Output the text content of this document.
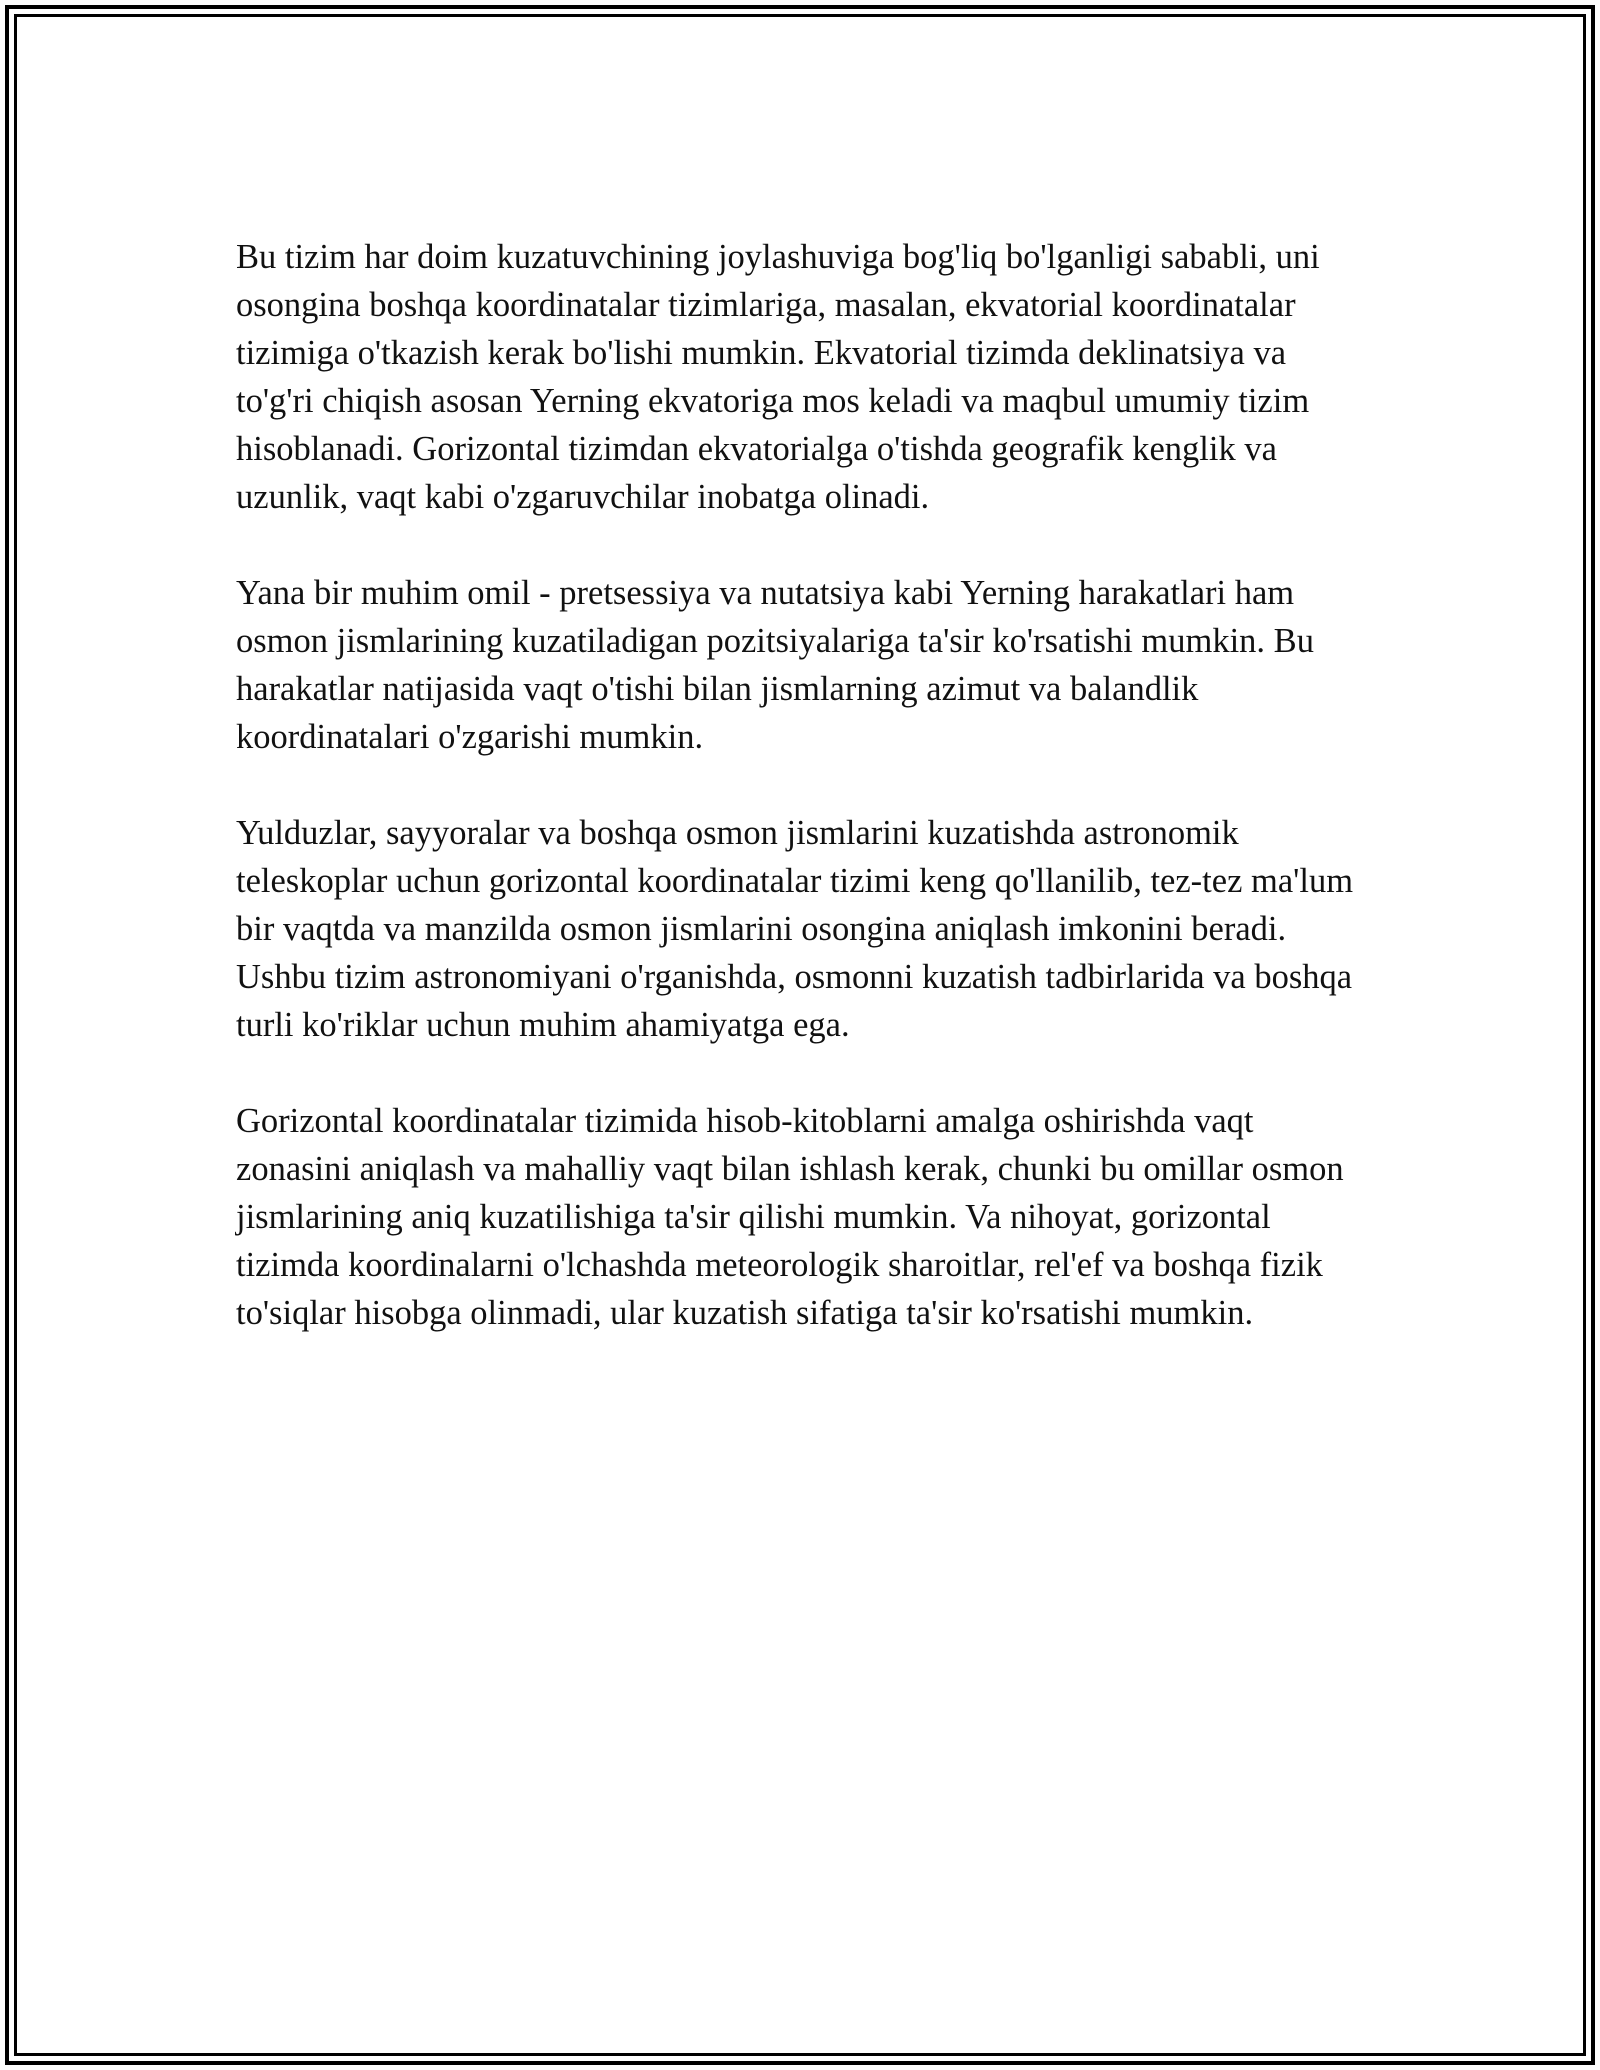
Bu tizim har doim kuzatuvchining joylashuviga bog'liq bo'lganligi sababli, uni osongina boshqa koordinatalar tizimlariga, masalan, ekvatorial koordinatalar tizimiga o'tkazish kerak bo'lishi mumkin. Ekvatorial tizimda deklinatsiya va to'g'ri chiqish asosan Yerning ekvatoriga mos keladi va maqbul umumiy tizim hisoblanadi. Gorizontal tizimdan ekvatorialga o'tishda geografik kenglik va uzunlik, vaqt kabi o'zgaruvchilar inobatga olinadi.

Yana bir muhim omil - pretsessiya va nutatsiya kabi Yerning harakatlari ham osmon jismlarining kuzatiladigan pozitsiyalariga ta'sir ko'rsatishi mumkin. Bu harakatlar natijasida vaqt o'tishi bilan jismlarning azimut va balandlik koordinatalari o'zgarishi mumkin.

Yulduzlar, sayyoralar va boshqa osmon jismlarini kuzatishda astronomik teleskoplar uchun gorizontal koordinatalar tizimi keng qo'llanilib, tez-tez ma'lum bir vaqtda va manzilda osmon jismlarini osongina aniqlash imkonini beradi. Ushbu tizim astronomiyani o'rganishda, osmonni kuzatish tadbirlarida va boshqa turli ko'riklar uchun muhim ahamiyatga ega.

Gorizontal koordinatalar tizimida hisob-kitoblarni amalga oshirishda vaqt zonasini aniqlash va mahalliy vaqt bilan ishlash kerak, chunki bu omillar osmon jismlarining aniq kuzatilishiga ta'sir qilishi mumkin. Va nihoyat, gorizontal tizimda koordinalarni o'lchashda meteorologik sharoitlar, rel'ef va boshqa fizik to'siqlar hisobga olinmadi, ular kuzatish sifatiga ta'sir ko'rsatishi mumkin.
